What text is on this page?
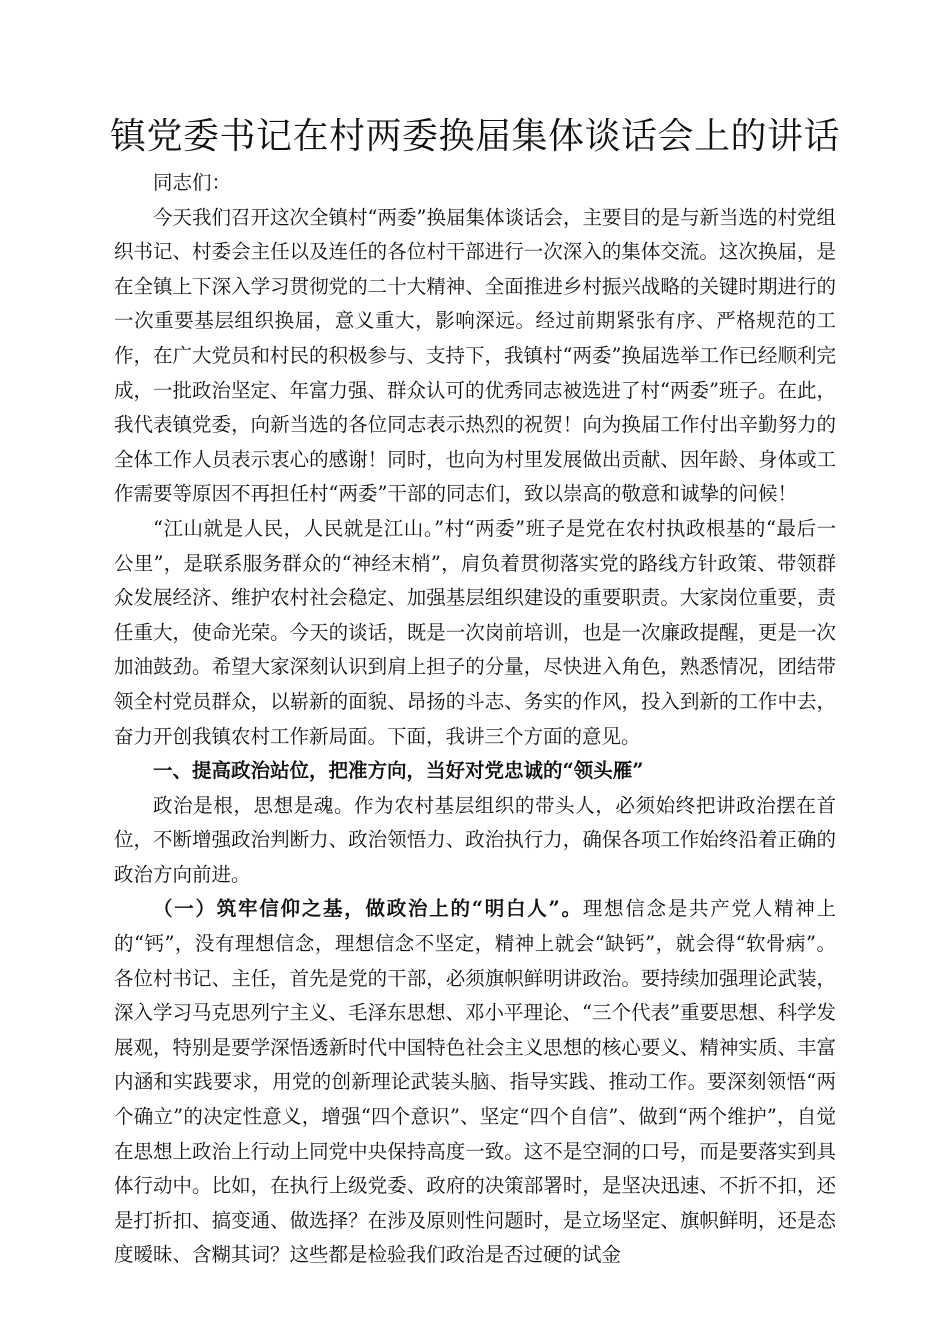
镇党委书记在村两委换届集体谈话会上的讲话

同志们：

今天我们召开这次全镇村“两委”换届集体谈话会，主要目的是与新当选的村党组织书记、村委会主任以及连任的各位村干部进行一次深入的集体交流。这次换届，是在全镇上下深入学习贯彻党的二十大精神、全面推进乡村振兴战略的关键时期进行的一次重要基层组织换届，意义重大，影响深远。经过前期紧张有序、严格规范的工作，在广大党员和村民的积极参与、支持下，我镇村“两委”换届选举工作已经顺利完成，一批政治坚定、年富力强、群众认可的优秀同志被选进了村“两委”班子。在此，我代表镇党委，向新当选的各位同志表示热烈的祝贺！向为换届工作付出辛勤努力的全体工作人员表示衷心的感谢！同时，也向为村里发展做出贡献、因年龄、身体或工作需要等原因不再担任村“两委”干部的同志们，致以崇高的敬意和诚挚的问候！

“江山就是人民，人民就是江山。”村“两委”班子是党在农村执政根基的“最后一公里”，是联系服务群众的“神经末梢”，肩负着贯彻落实党的路线方针政策、带领群众发展经济、维护农村社会稳定、加强基层组织建设的重要职责。大家岗位重要，责任重大，使命光荣。今天的谈话，既是一次岗前培训，也是一次廉政提醒，更是一次加油鼓劲。希望大家深刻认识到肩上担子的分量，尽快进入角色，熟悉情况，团结带领全村党员群众，以崭新的面貌、昂扬的斗志、务实的作风，投入到新的工作中去，奋力开创我镇农村工作新局面。下面，我讲三个方面的意见。

一、提高政治站位，把准方向，当好对党忠诚的“领头雁”

政治是根，思想是魂。作为农村基层组织的带头人，必须始终把讲政治摆在首位，不断增强政治判断力、政治领悟力、政治执行力，确保各项工作始终沿着正确的政治方向前进。

（一）筑牢信仰之基，做政治上的“明白人”。理想信念是共产党人精神上的“钙”，没有理想信念，理想信念不坚定，精神上就会“缺钙”，就会得“软骨病”。各位村书记、主任，首先是党的干部，必须旗帜鲜明讲政治。要持续加强理论武装，深入学习马克思列宁主义、毛泽东思想、邓小平理论、“三个代表”重要思想、科学发展观，特别是要学深悟透新时代中国特色社会主义思想的核心要义、精神实质、丰富内涵和实践要求，用党的创新理论武装头脑、指导实践、推动工作。要深刻领悟“两个确立”的决定性意义，增强“四个意识”、坚定“四个自信”、做到“两个维护”，自觉在思想上政治上行动上同党中央保持高度一致。这不是空洞的口号，而是要落实到具体行动中。比如，在执行上级党委、政府的决策部署时，是坚决迅速、不折不扣，还是打折扣、搞变通、做选择？在涉及原则性问题时，是立场坚定、旗帜鲜明，还是态度暧昧、含糊其词？这些都是检验我们政治是否过硬的试金
